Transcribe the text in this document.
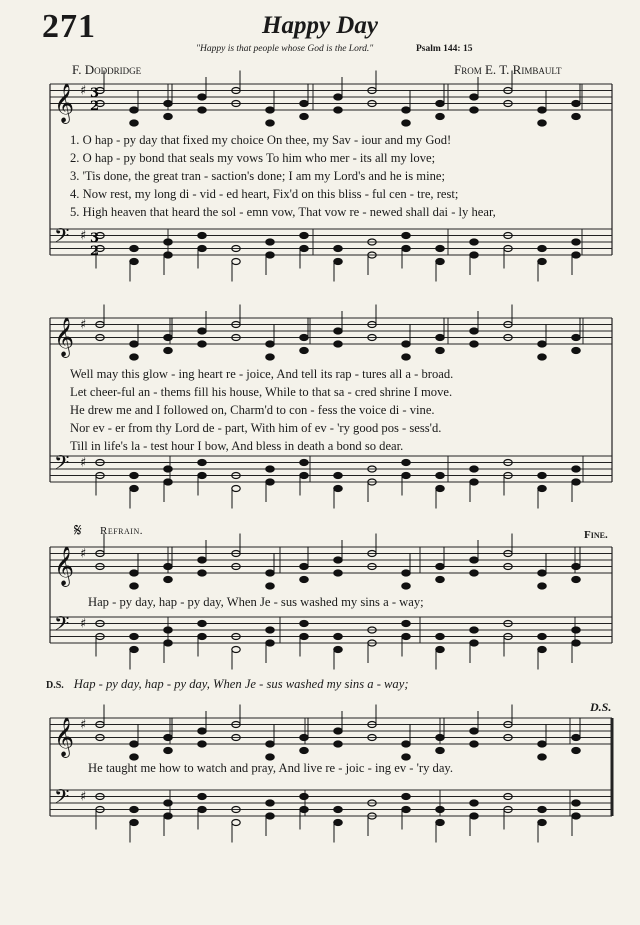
271	Happy Day
"Happy is that people whose God is the Lord."	Psalm 144: 15
F. Doddridge	From E. T. Rimbault
𝄞 ♯ 3
2
𝄢 ♯ 3
2
𝄞 ♯
𝄢 ♯
𝄞 ♯
𝄢 ♯
𝄞 ♯
𝄢 ♯
𝄋
1. O hap - py day that fixed my choice On thee, my Sav - iour and my God!
2. O hap - py bond that seals my vows To him who mer - its all my love;
3. 'Tis done, the great tran - saction's done; I am my Lord's and he is mine;
4. Now rest, my long di - vid - ed heart, Fix'd on this bliss - ful cen - tre, rest;
5. High heaven that heard the sol - emn vow, That vow re - newed shall dai - ly hear,
Well may this glow - ing heart re - joice, And tell its rap - tures all a - broad.
Let cheer-ful an - thems fill his house, While to that sa - cred shrine I move.
He drew me and I followed on, Charm'd to con - fess the voice di - vine.
Nor ev - er from thy Lord de - part, With him of ev - 'ry good pos - sess'd.
Till in life's la - test hour I bow, And bless in death a bond so dear.
Refrain.	Fine.
Hap - py day, hap - py day, When Je - sus washed my sins a - way;
D.S. Hap - py day, hap - py day, When Je - sus washed my sins a - way;
D.S.
He taught me how to watch and pray, And live re - joic - ing ev - 'ry day.
